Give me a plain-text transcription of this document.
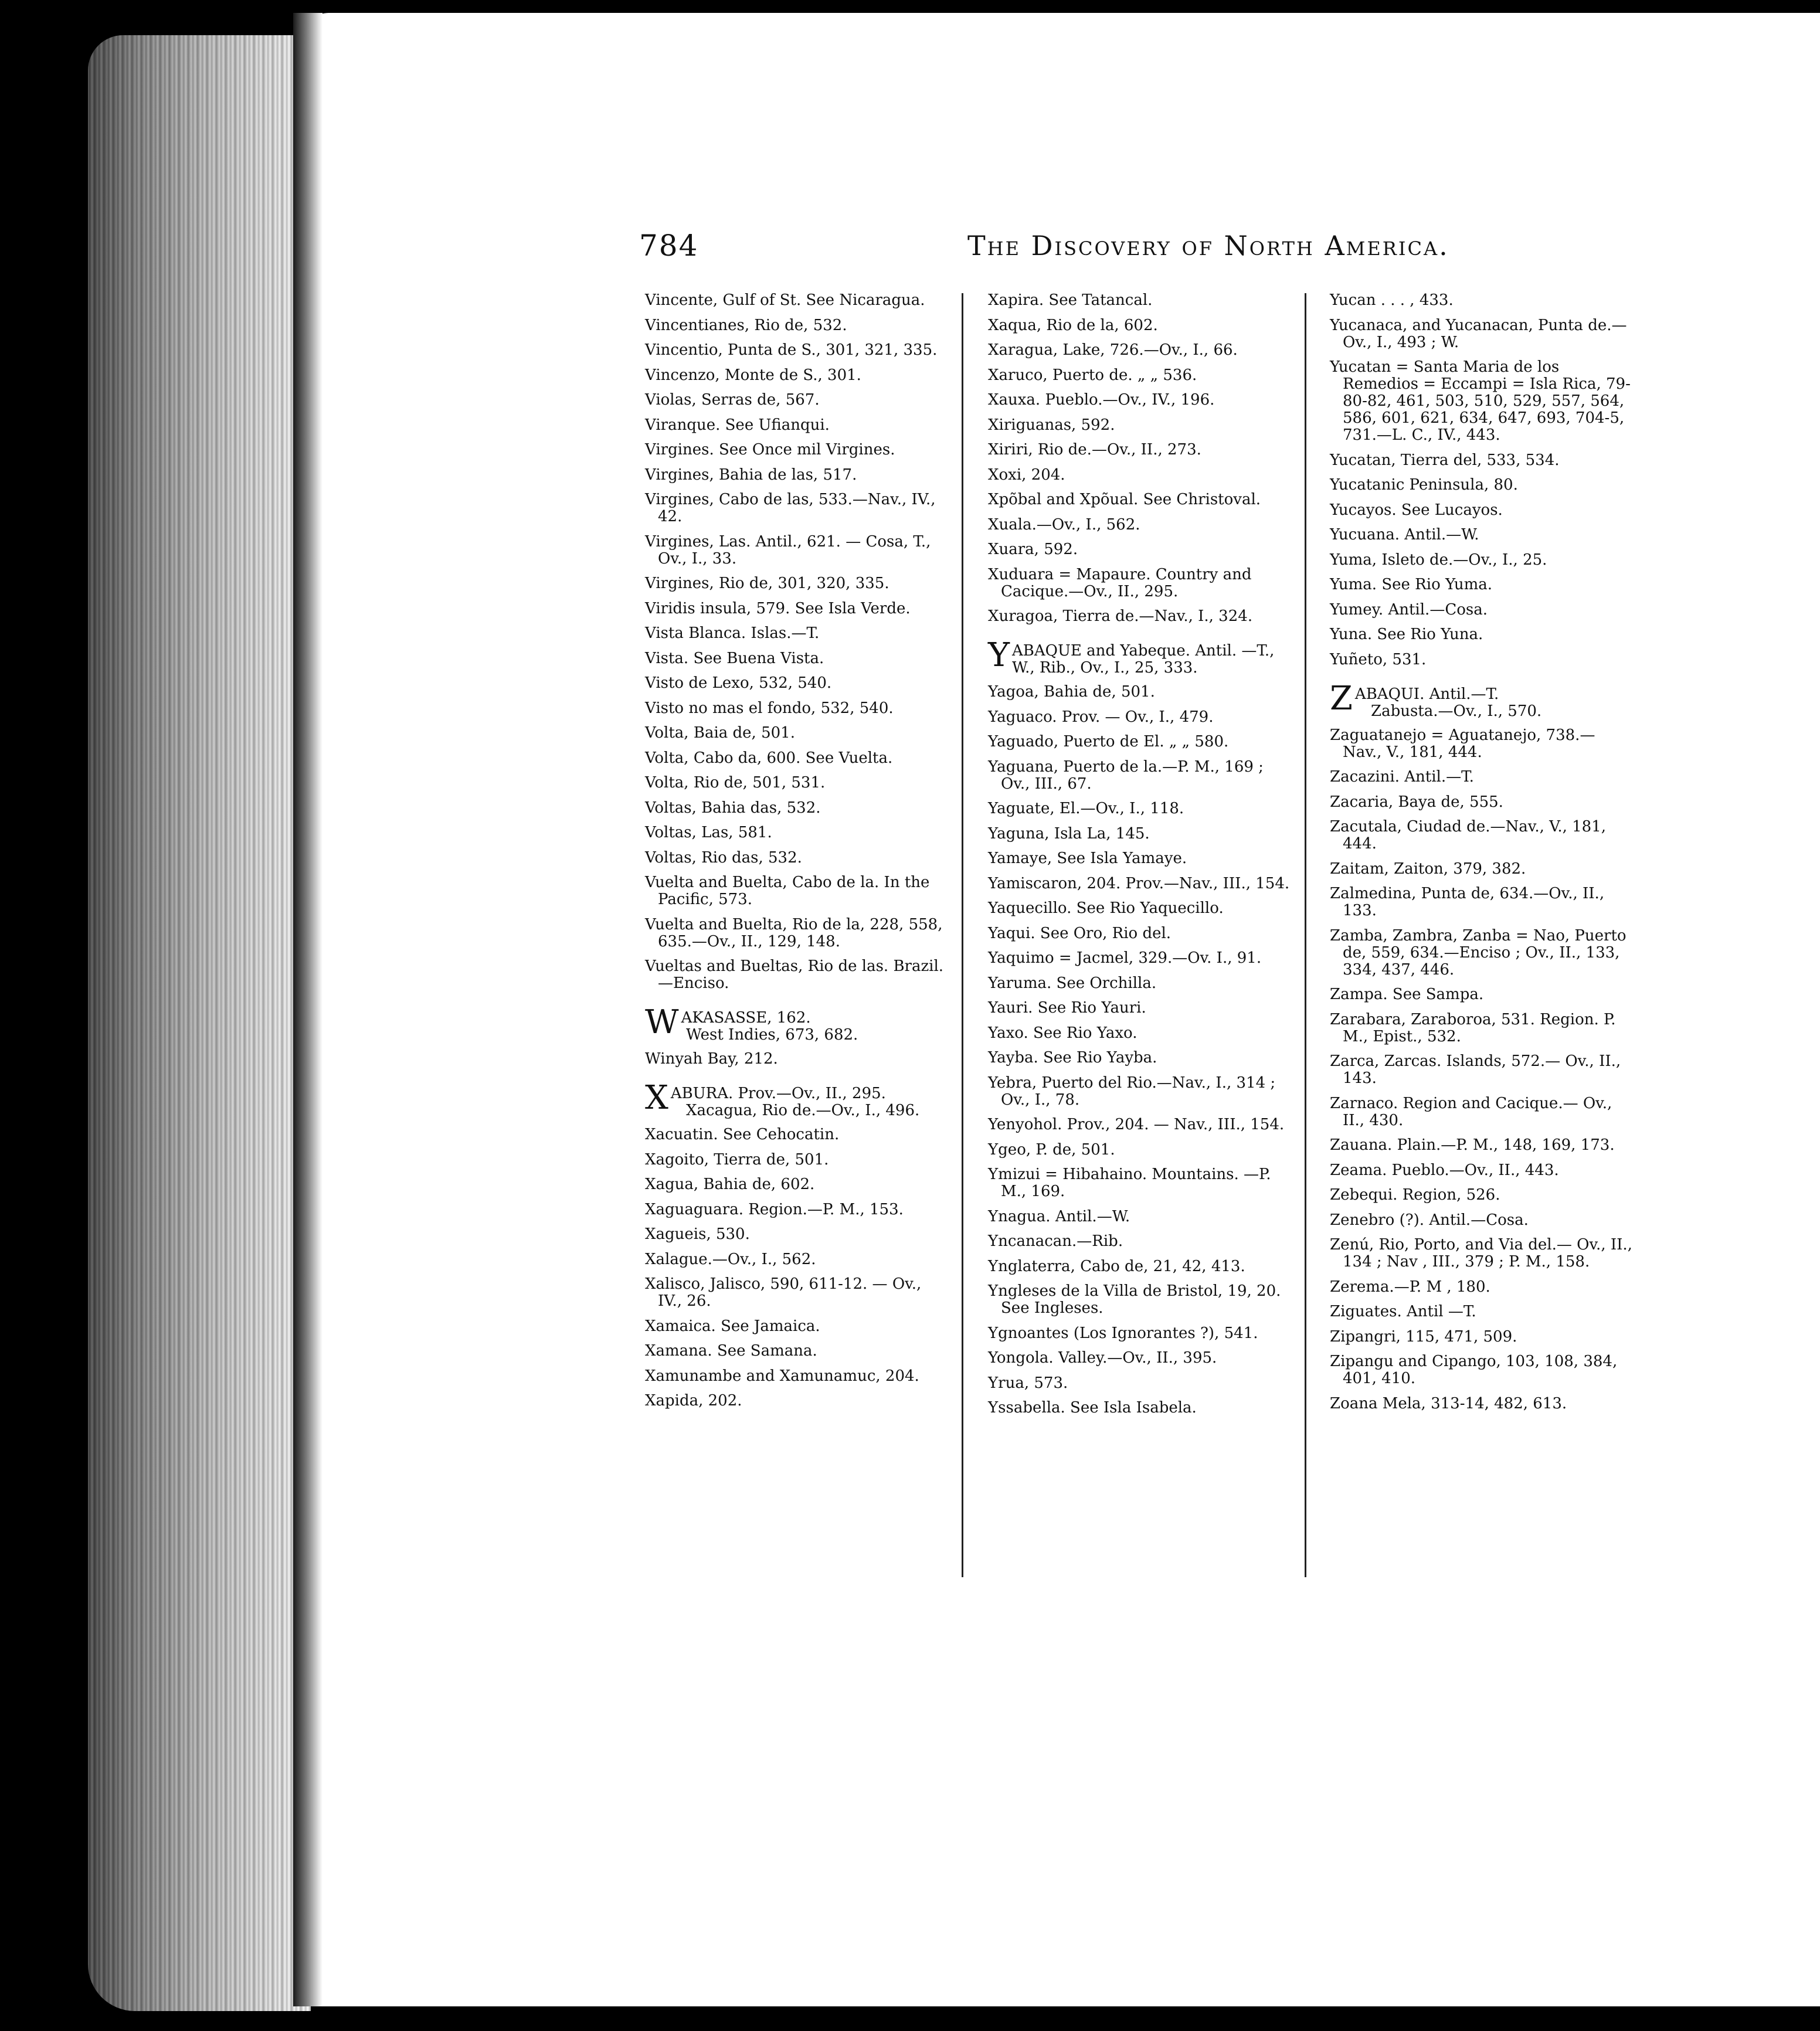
784	The Discovery of North America.
Vincente, Gulf of St. See Nicaragua.
Vincentianes, Rio de, 532.
Vincentio, Punta de S., 301, 321, 335.
Vincenzo, Monte de S., 301.
Violas, Serras de, 567.
Viranque. See Ufianqui.
Virgines. See Once mil Virgines.
Virgines, Bahia de las, 517.
Virgines, Cabo de las, 533.—Nav., IV., 42.
Virgines, Las. Antil., 621. — Cosa, T., Ov., I., 33.
Virgines, Rio de, 301, 320, 335.
Viridis insula, 579. See Isla Verde.
Vista Blanca. Islas.—T.
Vista. See Buena Vista.
Visto de Lexo, 532, 540.
Visto no mas el fondo, 532, 540.
Volta, Baia de, 501.
Volta, Cabo da, 600. See Vuelta.
Volta, Rio de, 501, 531.
Voltas, Bahia das, 532.
Voltas, Las, 581.
Voltas, Rio das, 532.
Vuelta and Buelta, Cabo de la. In the Pacific, 573.
Vuelta and Buelta, Rio de la, 228, 558, 635.—Ov., II., 129, 148.
Vueltas and Bueltas, Rio de las. Brazil.—Enciso.
W AKASASSE, 162.
West Indies, 673, 682.
Winyah Bay, 212.
X ABURA. Prov.—Ov., II., 295.
Xacagua, Rio de.—Ov., I., 496.
Xacuatin. See Cehocatin.
Xagoito, Tierra de, 501.
Xagua, Bahia de, 602.
Xaguaguara. Region.—P. M., 153.
Xagueis, 530.
Xalague.—Ov., I., 562.
Xalisco, Jalisco, 590, 611-12. — Ov., IV., 26.
Xamaica. See Jamaica.
Xamana. See Samana.
Xamunambe and Xamunamuc, 204.
Xapida, 202.
Xapira. See Tatancal.
Xaqua, Rio de la, 602.
Xaragua, Lake, 726.—Ov., I., 66.
Xaruco, Puerto de. „ „ 536.
Xauxa. Pueblo.—Ov., IV., 196.
Xiriguanas, 592.
Xiriri, Rio de.—Ov., II., 273.
Xoxi, 204.
Xpõbal and Xpõual. See Christoval.
Xuala.—Ov., I., 562.
Xuara, 592.
Xuduara = Mapaure. Country and Cacique.—Ov., II., 295.
Xuragoa, Tierra de.—Nav., I., 324.
Y ABAQUE and Yabeque. Antil. —T., W., Rib., Ov., I., 25, 333.
Yagoa, Bahia de, 501.
Yaguaco. Prov. — Ov., I., 479.
Yaguado, Puerto de El. „ „ 580.
Yaguana, Puerto de la.—P. M., 169 ; Ov., III., 67.
Yaguate, El.—Ov., I., 118.
Yaguna, Isla La, 145.
Yamaye, See Isla Yamaye.
Yamiscaron, 204. Prov.—Nav., III., 154.
Yaquecillo. See Rio Yaquecillo.
Yaqui. See Oro, Rio del.
Yaquimo = Jacmel, 329.—Ov. I., 91.
Yaruma. See Orchilla.
Yauri. See Rio Yauri.
Yaxo. See Rio Yaxo.
Yayba. See Rio Yayba.
Yebra, Puerto del Rio.—Nav., I., 314 ; Ov., I., 78.
Yenyohol. Prov., 204. — Nav., III., 154.
Ygeo, P. de, 501.
Ymizui = Hibahaino. Mountains. —P. M., 169.
Ynagua. Antil.—W.
Yncanacan.—Rib.
Ynglaterra, Cabo de, 21, 42, 413.
Yngleses de la Villa de Bristol, 19, 20. See Ingleses.
Ygnoantes (Los Ignorantes ?), 541.
Yongola. Valley.—Ov., II., 395.
Yrua, 573.
Yssabella. See Isla Isabela.
Yucan . . . , 433.
Yucanaca, and Yucanacan, Punta de.—Ov., I., 493 ; W.
Yucatan = Santa Maria de los Remedios = Eccampi = Isla Rica, 79-80-82, 461, 503, 510, 529, 557, 564, 586, 601, 621, 634, 647, 693, 704-5, 731.—L. C., IV., 443.
Yucatan, Tierra del, 533, 534.
Yucatanic Peninsula, 80.
Yucayos. See Lucayos.
Yucuana. Antil.—W.
Yuma, Isleto de.—Ov., I., 25.
Yuma. See Rio Yuma.
Yumey. Antil.—Cosa.
Yuna. See Rio Yuna.
Yuñeto, 531.
Z ABAQUI. Antil.—T.
Zabusta.—Ov., I., 570.
Zaguatanejo = Aguatanejo, 738.— Nav., V., 181, 444.
Zacazini. Antil.—T.
Zacaria, Baya de, 555.
Zacutala, Ciudad de.—Nav., V., 181, 444.
Zaitam, Zaiton, 379, 382.
Zalmedina, Punta de, 634.—Ov., II., 133.
Zamba, Zambra, Zanba = Nao, Puerto de, 559, 634.—Enciso ; Ov., II., 133, 334, 437, 446.
Zampa. See Sampa.
Zarabara, Zaraboroa, 531. Region. P. M., Epist., 532.
Zarca, Zarcas. Islands, 572.— Ov., II., 143.
Zarnaco. Region and Cacique.— Ov., II., 430.
Zauana. Plain.—P. M., 148, 169, 173.
Zeama. Pueblo.—Ov., II., 443.
Zebequi. Region, 526.
Zenebro (?). Antil.—Cosa.
Zenú, Rio, Porto, and Via del.— Ov., II., 134 ; Nav , III., 379 ; P. M., 158.
Zerema.—P. M , 180.
Ziguates. Antil —T.
Zipangri, 115, 471, 509.
Zipangu and Cipango, 103, 108, 384, 401, 410.
Zoana Mela, 313-14, 482, 613.
